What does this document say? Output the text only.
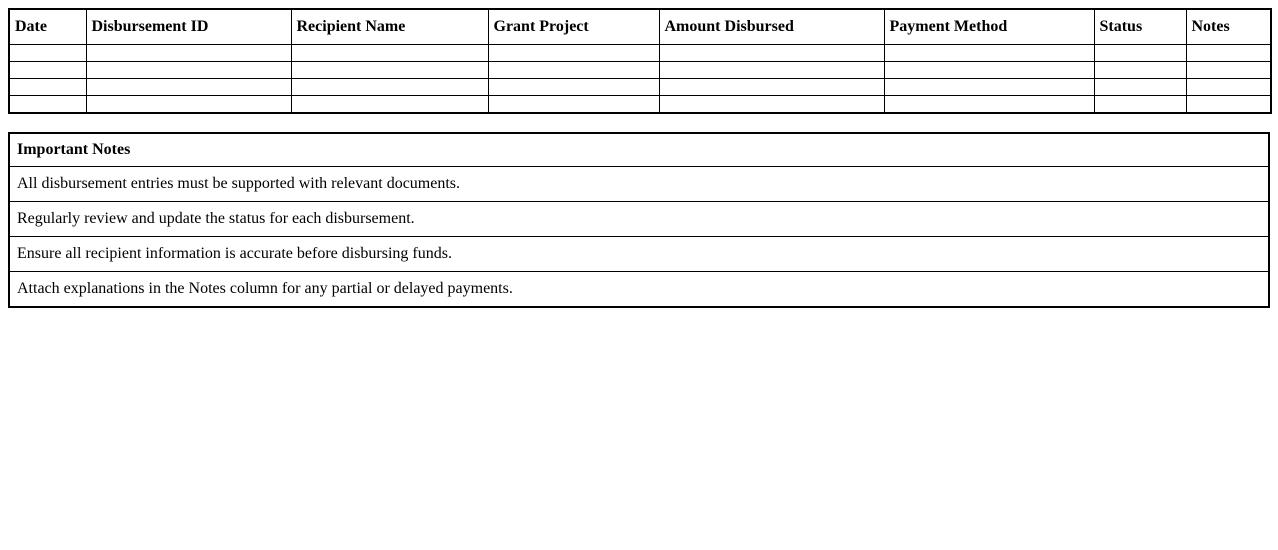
Date	Disbursement ID	Recipient Name	Grant Project	Amount Disbursed	Payment Method	Status	Notes

Important Notes
All disbursement entries must be supported with relevant documents.
Regularly review and update the status for each disbursement.
Ensure all recipient information is accurate before disbursing funds.
Attach explanations in the Notes column for any partial or delayed payments.
